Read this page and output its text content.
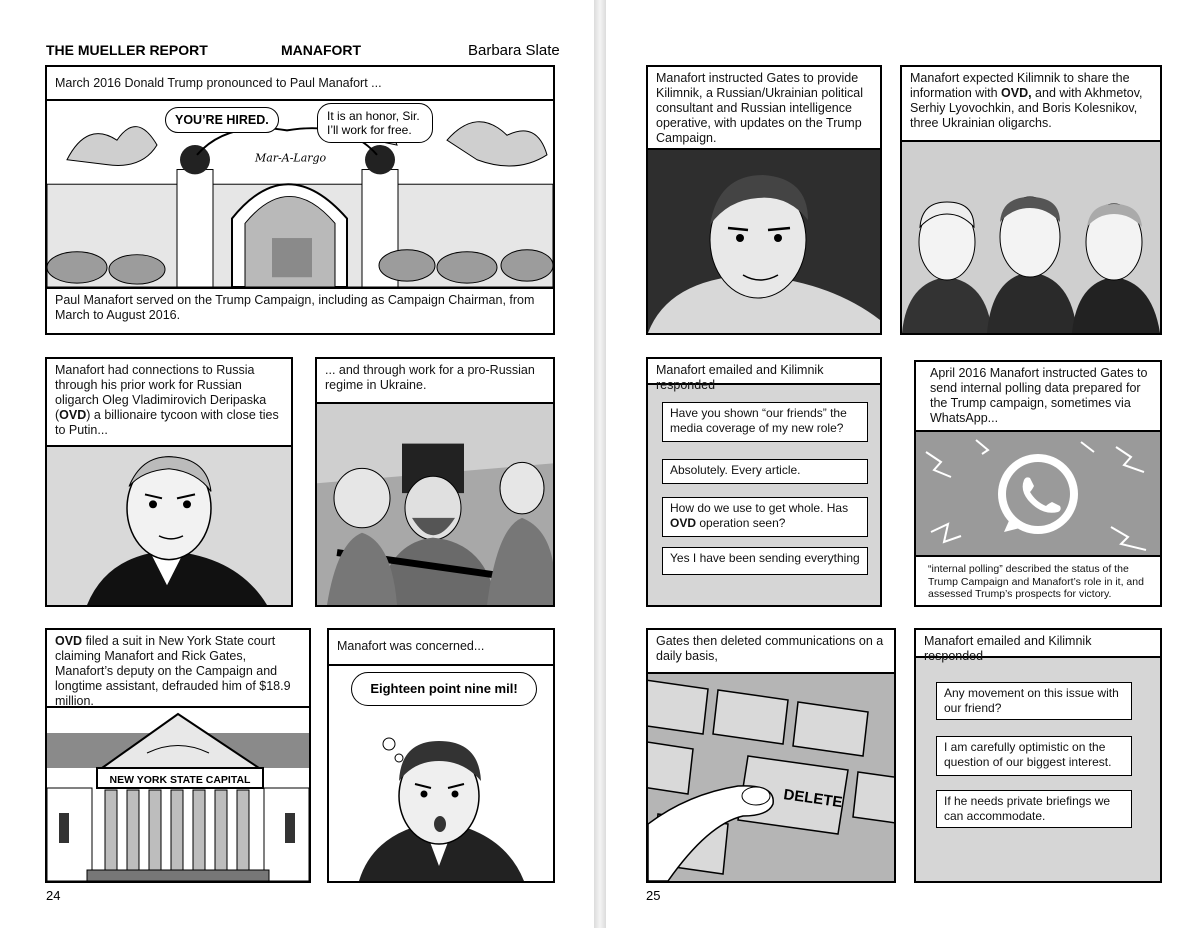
THE MUELLER REPORT	MANAFORT	Barbara Slate
March 2016 Donald Trump pronounced to Paul Manafort ...
Mar-A-Largo
YOU’RE HIRED.	It is an honor, Sir. I’ll work for free.
Paul Manafort served on the Trump Campaign, including as Campaign Chairman, from March to August 2016.
Manafort had connections to Russia through his prior work for Russian oligarch Oleg Vladimirovich Deripaska (OVD) a billionaire tycoon with close ties to Putin...
... and through work for a pro-Russian regime in Ukraine.
OVD filed a suit in New York State court claiming Manafort and Rick Gates, Manafort’s deputy on the Campaign and longtime assistant, defrauded him of $18.9 million.
NEW YORK STATE CAPITAL
Manafort was concerned...
Eighteen point nine mil!
24
Manafort instructed Gates to provide Kilimnik, a Russian/Ukrainian political consultant and Russian intelligence operative, with updates on the Trump Campaign.
Manafort expected Kilimnik to share the information with OVD, and with Akhmetov, Serhiy Lyovochkin, and Boris Kolesnikov, three Ukrainian oligarchs.
Manafort emailed and Kilimnik responded
Have you shown “our friends” the media coverage of my new role?
Absolutely. Every article.
How do we use to get whole. Has OVD operation seen?
Yes I have been sending everything
April 2016 Manafort instructed Gates to send internal polling data prepared for the Trump campaign, sometimes via WhatsApp...
“internal polling” described the status of the Trump Campaign and Manafort’s role in it, and assessed Trump’s prospects for victory.
Gates then deleted communications on a daily basis,
DELETE
Manafort emailed and Kilimnik responded
Any movement on this issue with our friend?
I am carefully optimistic on the question of our biggest interest.
If he needs private briefings we can accommodate.
25
